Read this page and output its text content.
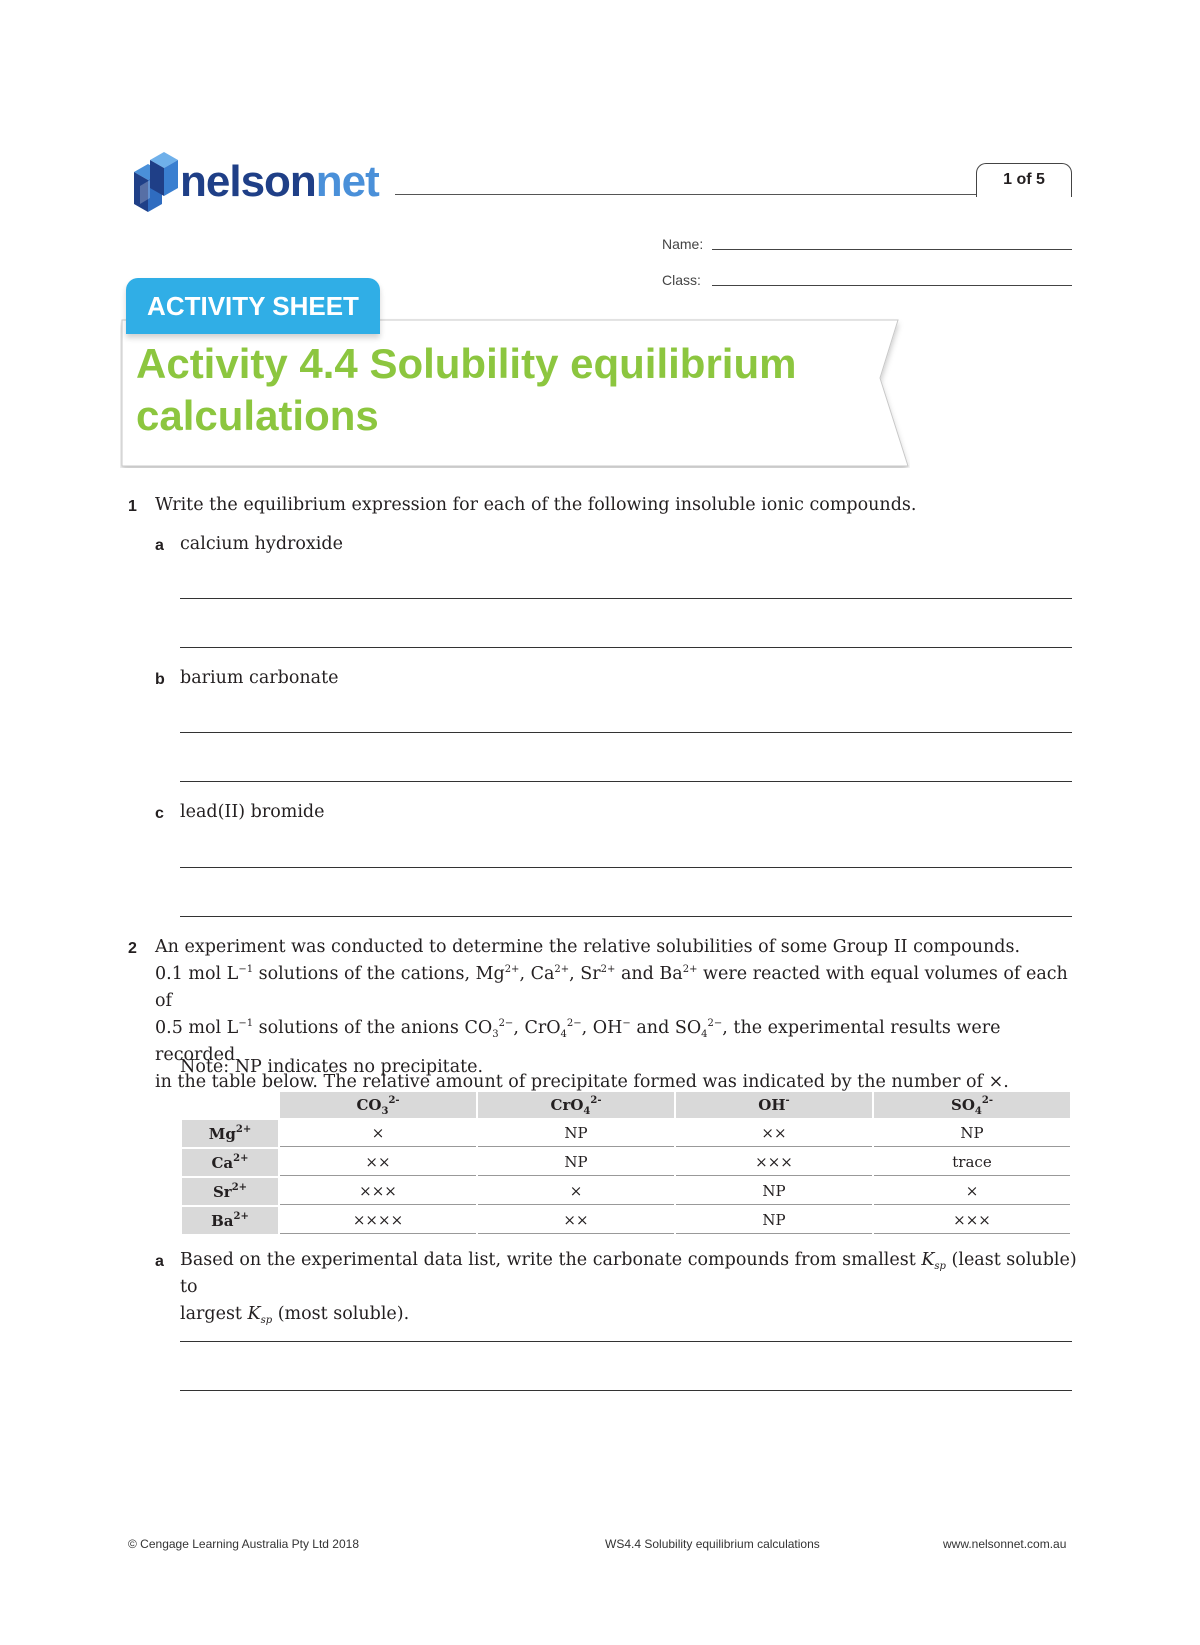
nelsonnet	1 of 5
Name:
Class:
ACTIVITY SHEET
Activity 4.4 Solubility equilibrium
calculations
1 Write the equilibrium expression for each of the following insoluble ionic compounds.
a calcium hydroxide
b barium carbonate
c lead(II) bromide
2 An experiment was conducted to determine the relative solubilities of some Group II compounds.
0.1 mol $L^{-1}$ solutions of the cations, $Mg^{2+}$, $Ca^{2+}$, $Sr^{2+}$ and $Ba^{2+}$ were reacted with equal volumes of each of
0.5 mol $L^{-1}$ solutions of the anions $CO_3^{2-}$, CrO$_4^{2-}$, OH− and $SO_4^{2-}$, the experimental results were recorded
in the table below. The relative amount of precipitate formed was indicated by the number of ×.
Note: NP indicates no precipitate.
	$CO_3^{2-}$	CrO$_4^{2-}$	OH-	$SO_4^{2-}$
$Mg^{2+}$	×	NP	××	NP
$Ca^{2+}$	××	NP	×××	trace
$Sr^{2+}$	×××	×	NP	×
$Ba^{2+}$	××××	××	NP	×××
a Based on the experimental data list, write the carbonate compounds from smallest $K_{sp}$ (least soluble) to
largest $K_{sp}$ (most soluble).
© Cengage Learning Australia Pty Ltd 2018	WS4.4 Solubility equilibrium calculations	www.nelsonnet.com.au
